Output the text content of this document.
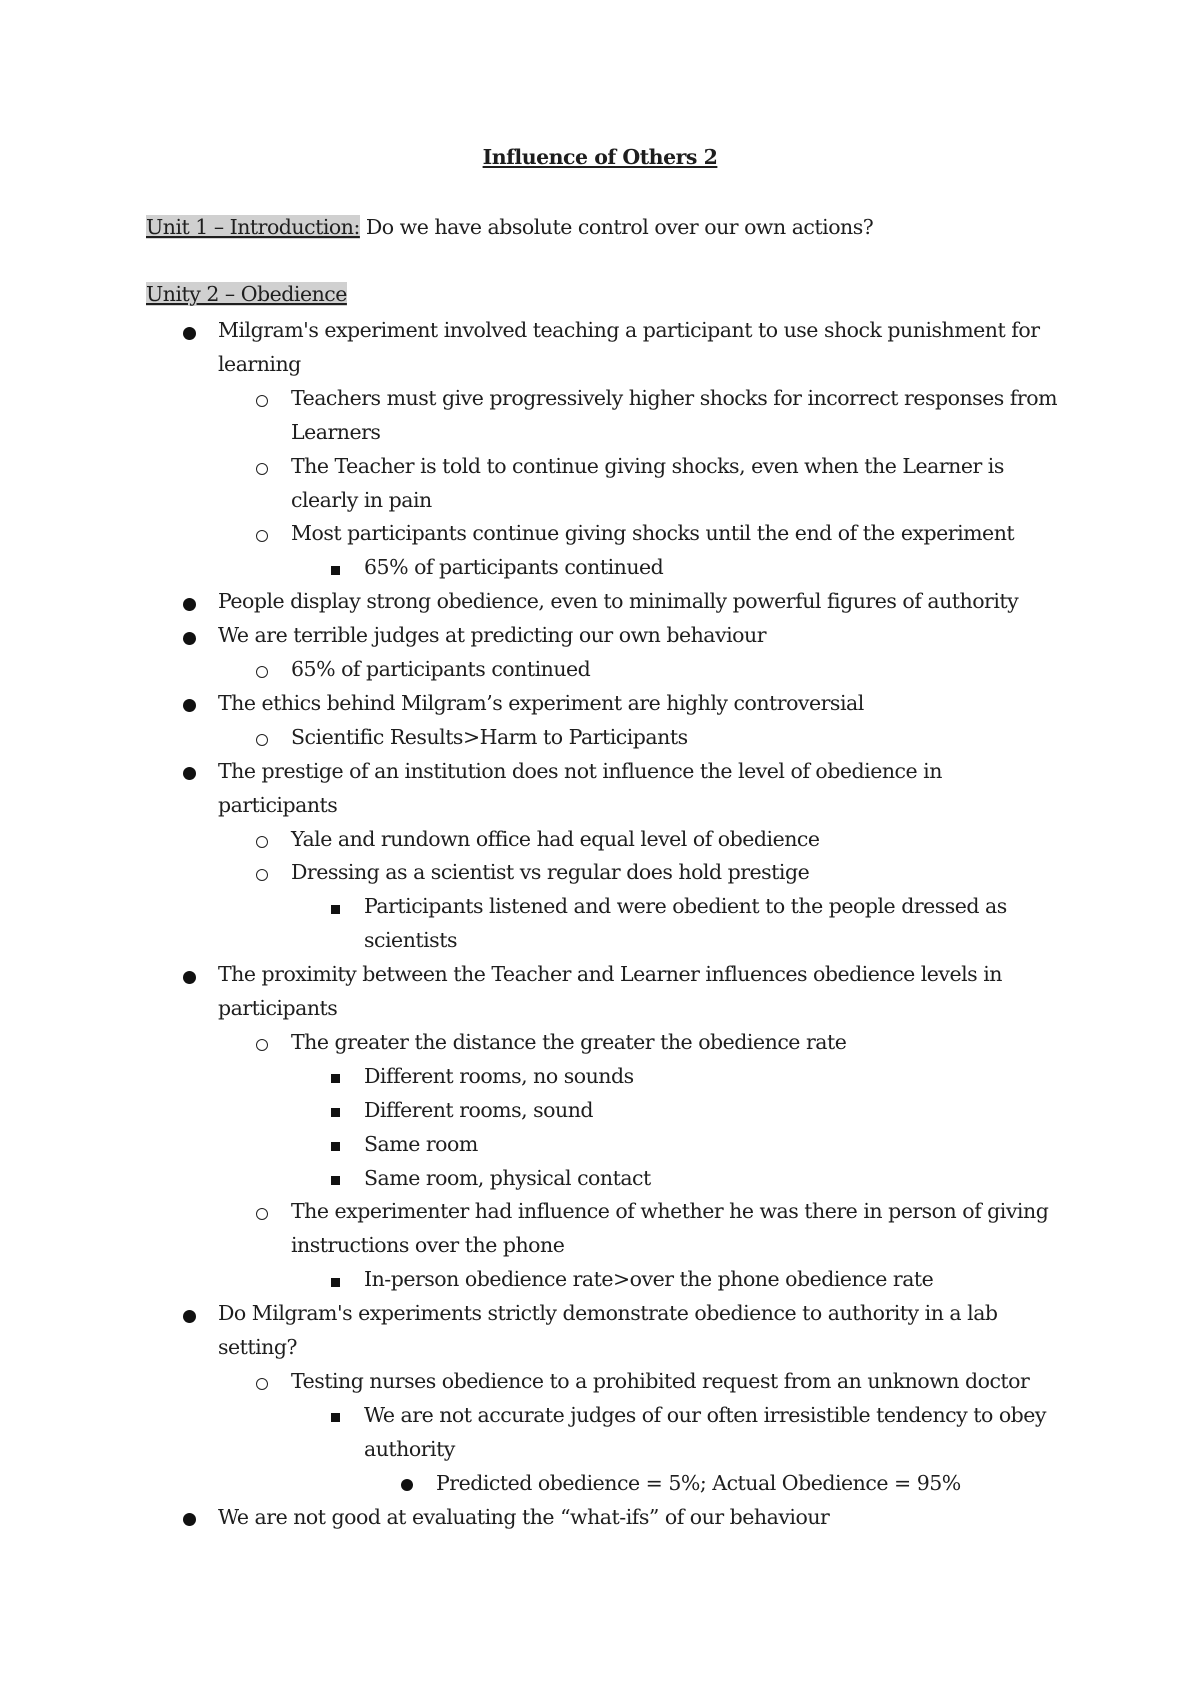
Influence of Others 2
Unit 1 – Introduction: Do we have absolute control over our own actions?
Unity 2 – Obedience
Milgram's experiment involved teaching a participant to use shock punishment for
learning
Teachers must give progressively higher shocks for incorrect responses from
Learners
The Teacher is told to continue giving shocks, even when the Learner is
clearly in pain
Most participants continue giving shocks until the end of the experiment
65% of participants continued
People display strong obedience, even to minimally powerful figures of authority
We are terrible judges at predicting our own behaviour
65% of participants continued
The ethics behind Milgram’s experiment are highly controversial
Scientific Results>Harm to Participants
The prestige of an institution does not influence the level of obedience in
participants
Yale and rundown office had equal level of obedience
Dressing as a scientist vs regular does hold prestige
Participants listened and were obedient to the people dressed as
scientists
The proximity between the Teacher and Learner influences obedience levels in
participants
The greater the distance the greater the obedience rate
Different rooms, no sounds
Different rooms, sound
Same room
Same room, physical contact
The experimenter had influence of whether he was there in person of giving
instructions over the phone
In-person obedience rate>over the phone obedience rate
Do Milgram's experiments strictly demonstrate obedience to authority in a lab
setting?
Testing nurses obedience to a prohibited request from an unknown doctor
We are not accurate judges of our often irresistible tendency to obey
authority
Predicted obedience = 5%; Actual Obedience = 95%
We are not good at evaluating the “what-ifs” of our behaviour
